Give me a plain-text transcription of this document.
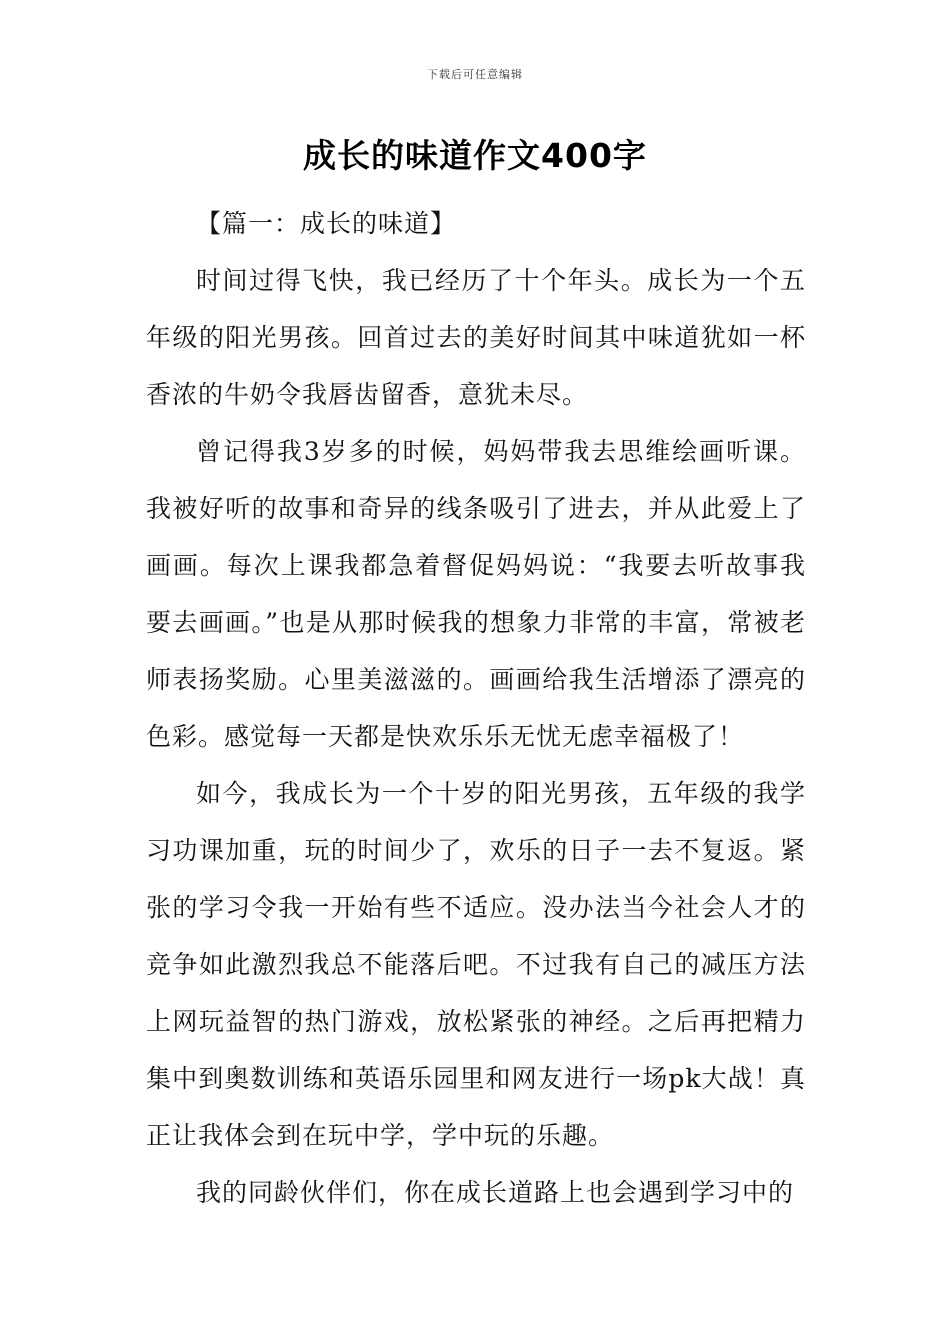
下载后可任意编辑
成长的味道作文400字

【篇一：成长的味道】

时间过得飞快，我已经历了十个年头。成长为一个五年级的阳光男孩。回首过去的美好时间其中味道犹如一杯香浓的牛奶令我唇齿留香，意犹未尽。

曾记得我3岁多的时候，妈妈带我去思维绘画听课。我被好听的故事和奇异的线条吸引了进去，并从此爱上了画画。每次上课我都急着督促妈妈说：“我要去听故事我要去画画。”也是从那时候我的想象力非常的丰富，常被老师表扬奖励。心里美滋滋的。画画给我生活增添了漂亮的色彩。感觉每一天都是快欢乐乐无忧无虑幸福极了！

如今，我成长为一个十岁的阳光男孩，五年级的我学习功课加重，玩的时间少了，欢乐的日子一去不复返。紧张的学习令我一开始有些不适应。没办法当今社会人才的竞争如此激烈我总不能落后吧。不过我有自己的减压方法上网玩益智的热门游戏，放松紧张的神经。之后再把精力集中到奥数训练和英语乐园里和网友进行一场pk大战！真正让我体会到在玩中学，学中玩的乐趣。

我的同龄伙伴们，你在成长道路上也会遇到学习中的
